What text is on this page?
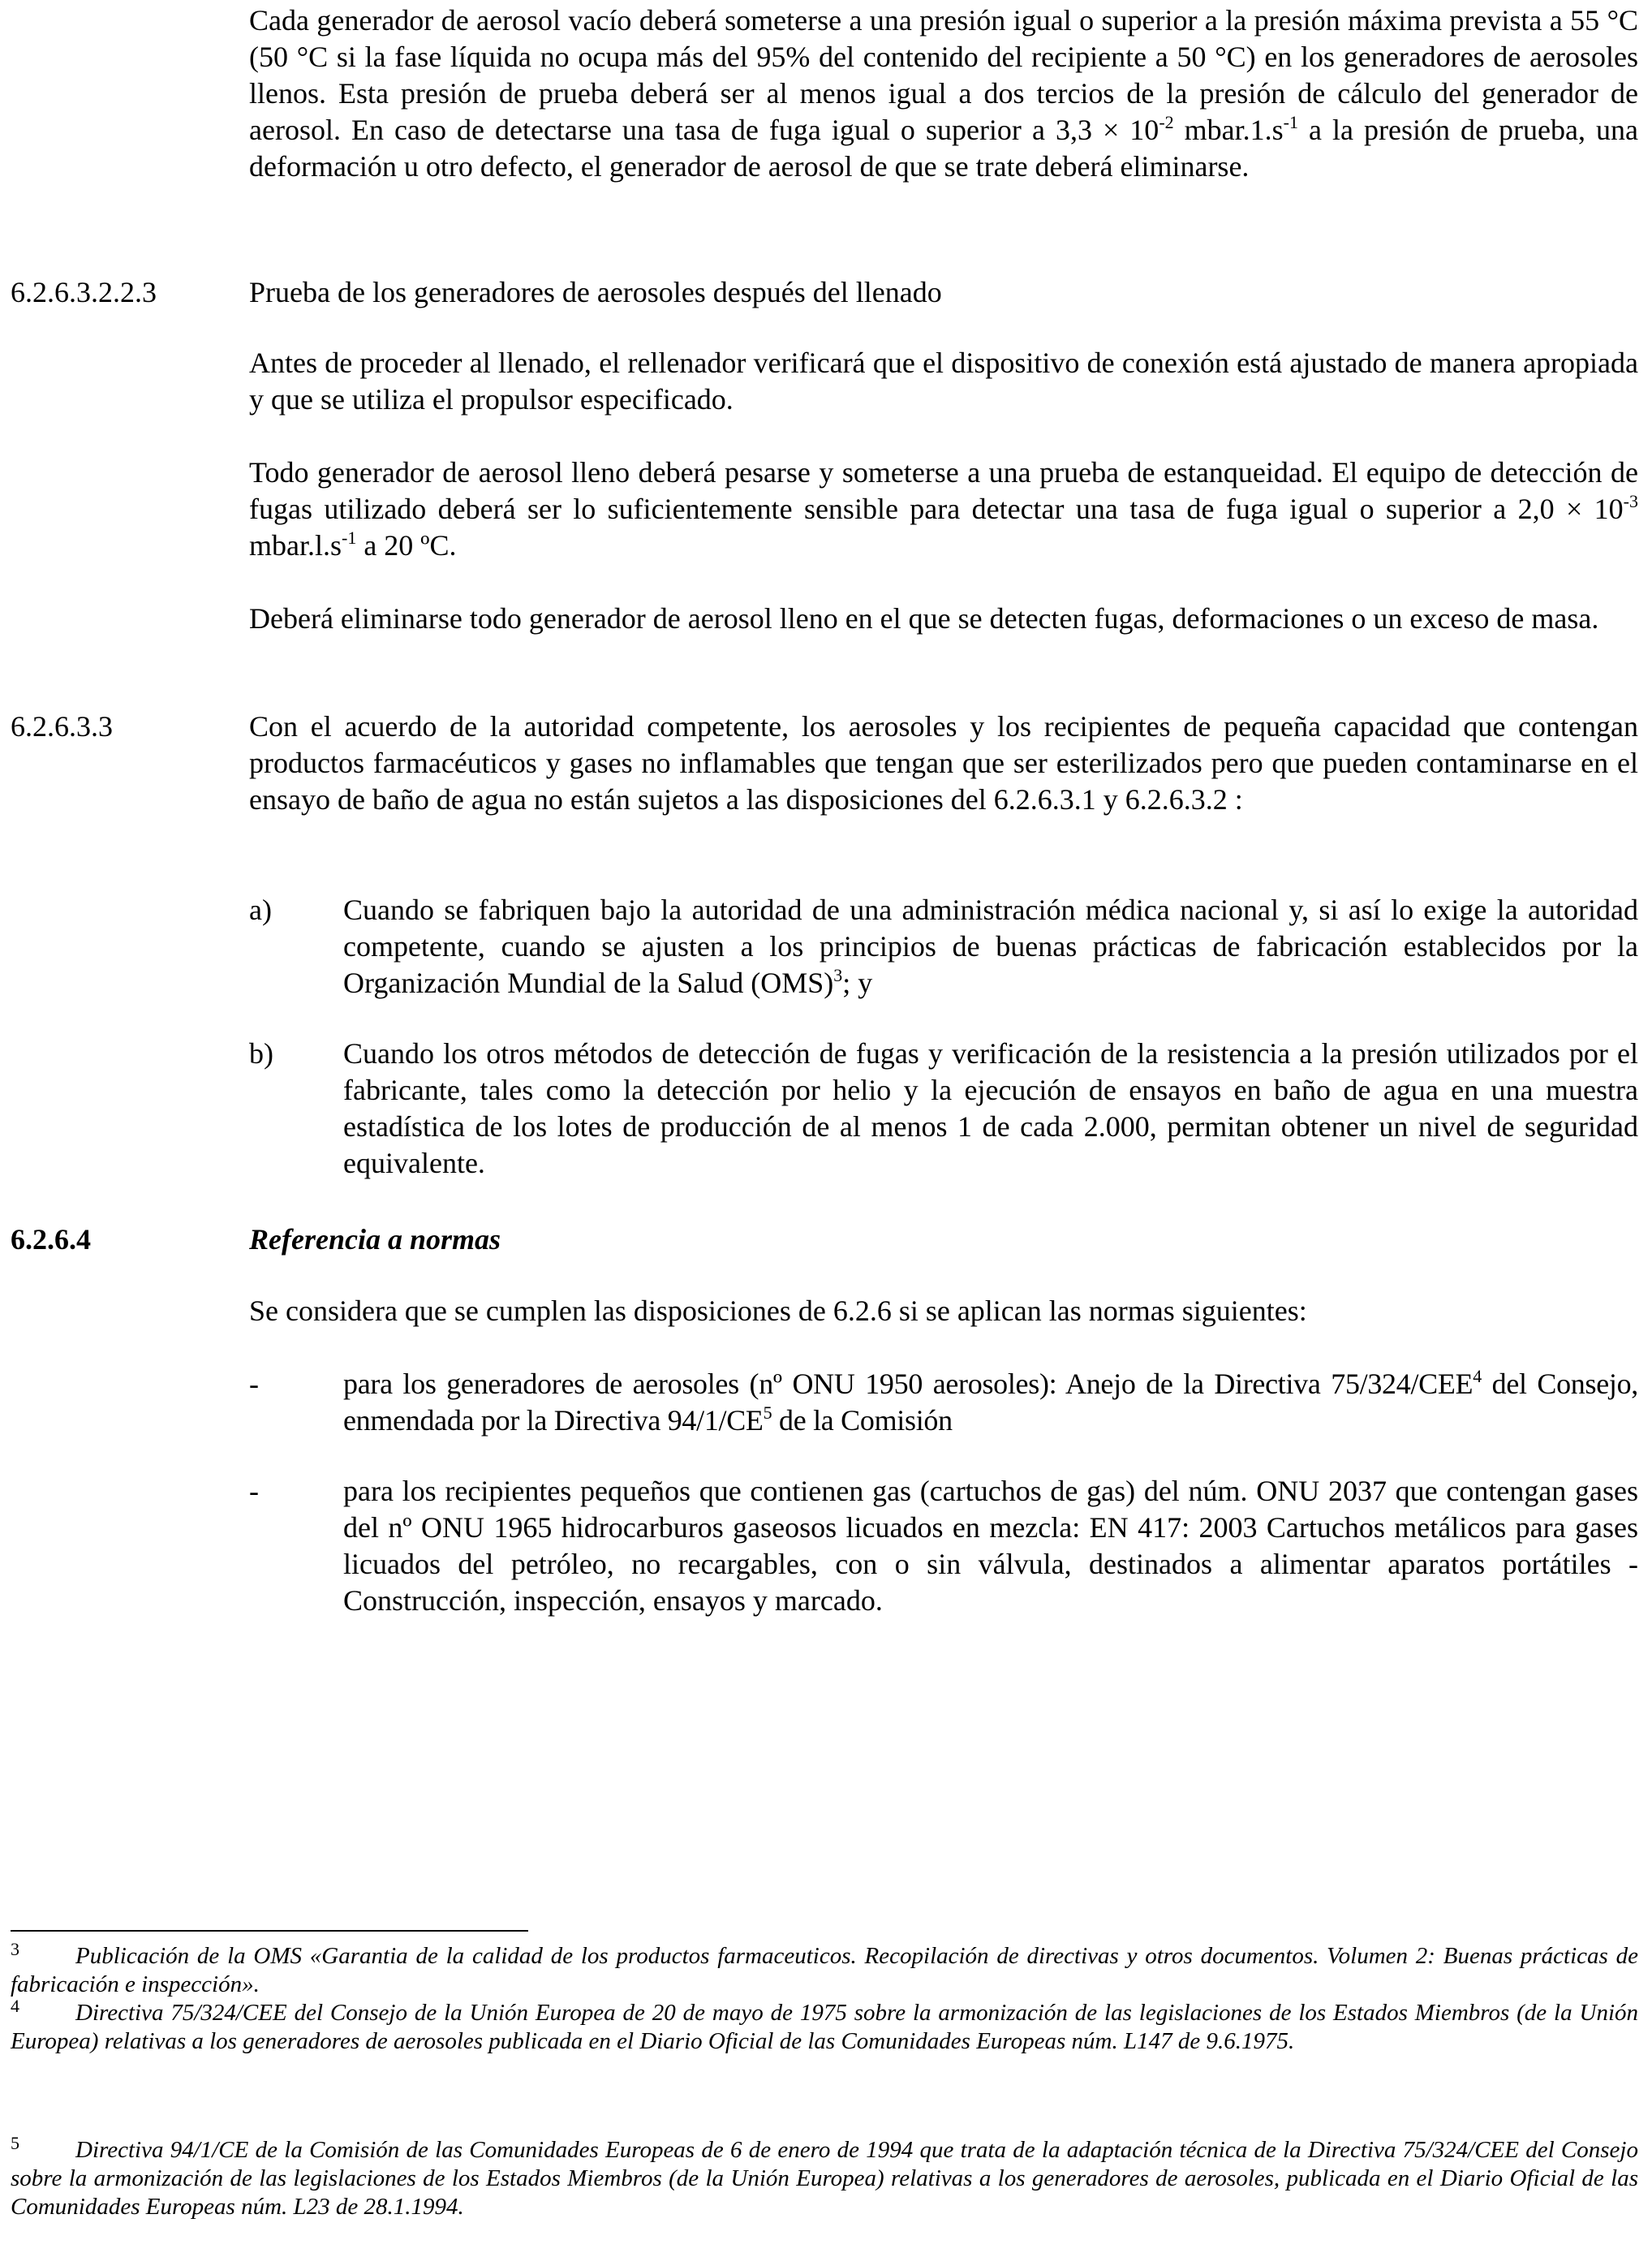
Cada generador de aerosol vacío deberá someterse a una presión igual o superior a la presión máxima prevista a 55 °C (50 °C si la fase líquida no ocupa más del 95% del contenido del recipiente a 50 °C) en los generadores de aerosoles llenos. Esta presión de prueba deberá ser al menos igual a dos tercios de la presión de cálculo del generador de aerosol. En caso de detectarse una tasa de fuga igual o superior a $3,3 \times 10^{-2}$ $mbar.1.s^{-1}$ a la presión de prueba, una deformación u otro defecto, el generador de aerosol de que se trate deberá eliminarse.

6.2.6.3.2.2.3	Prueba de los generadores de aerosoles después del llenado

Antes de proceder al llenado, el rellenador verificará que el dispositivo de conexión está ajustado de manera apropiada y que se utiliza el propulsor especificado.

Todo generador de aerosol lleno deberá pesarse y someterse a una prueba de estanqueidad. El equipo de detección de fugas utilizado deberá ser lo suficientemente sensible para detectar una tasa de fuga igual o superior a $2,0 \times 10^{-3}$ $mbar.l.s^{-1}$ a 20 ºC.

Deberá eliminarse todo generador de aerosol lleno en el que se detecten fugas, deformaciones o un exceso de masa.

6.2.6.3.3	Con el acuerdo de la autoridad competente, los aerosoles y los recipientes de pequeña capacidad que contengan productos farmacéuticos y gases no inflamables que tengan que ser esterilizados pero que pueden contaminarse en el ensayo de baño de agua no están sujetos a las disposiciones del 6.2.6.3.1 y 6.2.6.3.2 :

a) Cuando se fabriquen bajo la autoridad de una administración médica nacional y, si así lo exige la autoridad competente, cuando se ajusten a los principios de buenas prácticas de fabricación establecidos por la Organización Mundial de la Salud (OMS)$^3$; y

b) Cuando los otros métodos de detección de fugas y verificación de la resistencia a la presión utilizados por el fabricante, tales como la detección por helio y la ejecución de ensayos en baño de agua en una muestra estadística de los lotes de producción de al menos 1 de cada 2.000, permitan obtener un nivel de seguridad equivalente.

6.2.6.4	Referencia a normas

Se considera que se cumplen las disposiciones de 6.2.6 si se aplican las normas siguientes:

-	para los generadores de aerosoles (nº ONU 1950 aerosoles): Anejo de la Directiva 75/324/CEE$^4$ del Consejo, enmendada por la Directiva $94/1/CE^5$ de la Comisión

-	para los recipientes pequeños que contienen gas (cartuchos de gas) del núm. ONU 2037 que contengan gases del nº ONU 1965 hidrocarburos gaseosos licuados en mezcla: EN 417: 2003 Cartuchos metálicos para gases licuados del petróleo, no recargables, con o sin válvula, destinados a alimentar aparatos portátiles - Construcción, inspección, ensayos y marcado.

3 Publicación de la OMS «Garantia de la calidad de los productos farmaceuticos. Recopilación de directivas y otros documentos. Volumen 2: Buenas prácticas de fabricación e inspección».
4 Directiva 75/324/CEE del Consejo de la Unión Europea de 20 de mayo de 1975 sobre la armonización de las legislaciones de los Estados Miembros (de la Unión Europea) relativas a los generadores de aerosoles publicada en el Diario Oficial de las Comunidades Europeas núm. L147 de 9.6.1975.
5 Directiva 94/1/CE de la Comisión de las Comunidades Europeas de 6 de enero de 1994 que trata de la adaptación técnica de la Directiva 75/324/CEE del Consejo sobre la armonización de las legislaciones de los Estados Miembros (de la Unión Europea) relativas a los generadores de aerosoles, publicada en el Diario Oficial de las Comunidades Europeas núm. L23 de 28.1.1994.
